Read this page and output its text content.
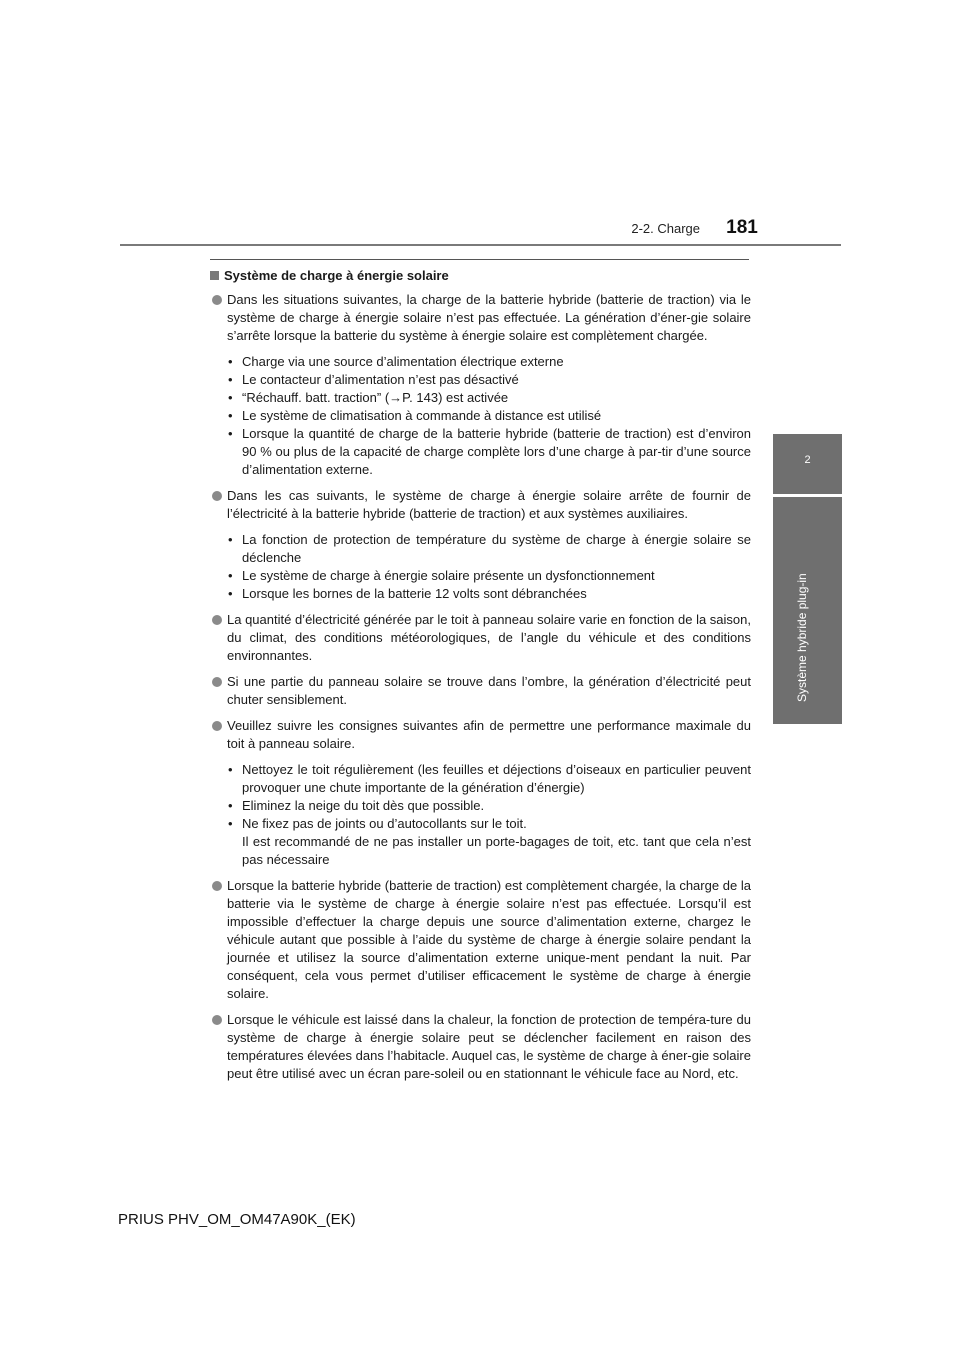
2-2. Charge	181
2
Système hybride plug-in
Système de charge à énergie solaire
Dans les situations suivantes, la charge de la batterie hybride (batterie de traction) via le système de charge à énergie solaire n’est pas effectuée. La génération d’éner-gie solaire s’arrête lorsque la batterie du système à énergie solaire est complètement chargée.
• Charge via une source d’alimentation électrique externe
• Le contacteur d’alimentation n’est pas désactivé
• “Réchauff. batt. traction” (→P. 143) est activée
• Le système de climatisation à commande à distance est utilisé
• Lorsque la quantité de charge de la batterie hybride (batterie de traction) est d’environ 90 % ou plus de la capacité de charge complète lors d’une charge à par-tir d’une source d’alimentation externe.
Dans les cas suivants, le système de charge à énergie solaire arrête de fournir de l’électricité à la batterie hybride (batterie de traction) et aux systèmes auxiliaires.
• La fonction de protection de température du système de charge à énergie solaire se déclenche
• Le système de charge à énergie solaire présente un dysfonctionnement
• Lorsque les bornes de la batterie 12 volts sont débranchées
La quantité d’électricité générée par le toit à panneau solaire varie en fonction de la saison, du climat, des conditions météorologiques, de l’angle du véhicule et des conditions environnantes.
Si une partie du panneau solaire se trouve dans l’ombre, la génération d’électricité peut chuter sensiblement.
Veuillez suivre les consignes suivantes afin de permettre une performance maximale du toit à panneau solaire.
• Nettoyez le toit régulièrement (les feuilles et déjections d’oiseaux en particulier peuvent provoquer une chute importante de la génération d’énergie)
• Eliminez la neige du toit dès que possible.
• Ne fixez pas de joints ou d’autocollants sur le toit.
Il est recommandé de ne pas installer un porte-bagages de toit, etc. tant que cela n’est pas nécessaire
Lorsque la batterie hybride (batterie de traction) est complètement chargée, la charge de la batterie via le système de charge à énergie solaire n’est pas effectuée. Lorsqu’il est impossible d’effectuer la charge depuis une source d’alimentation externe, chargez le véhicule autant que possible à l’aide du système de charge à énergie solaire pendant la journée et utilisez la source d’alimentation externe unique-ment pendant la nuit. Par conséquent, cela vous permet d’utiliser efficacement le système de charge à énergie solaire.
Lorsque le véhicule est laissé dans la chaleur, la fonction de protection de tempéra-ture du système de charge à énergie solaire peut se déclencher facilement en raison des températures élevées dans l’habitacle. Auquel cas, le système de charge à éner-gie solaire peut être utilisé avec un écran pare-soleil ou en stationnant le véhicule face au Nord, etc.
PRIUS PHV_OM_OM47A90K_(EK)
